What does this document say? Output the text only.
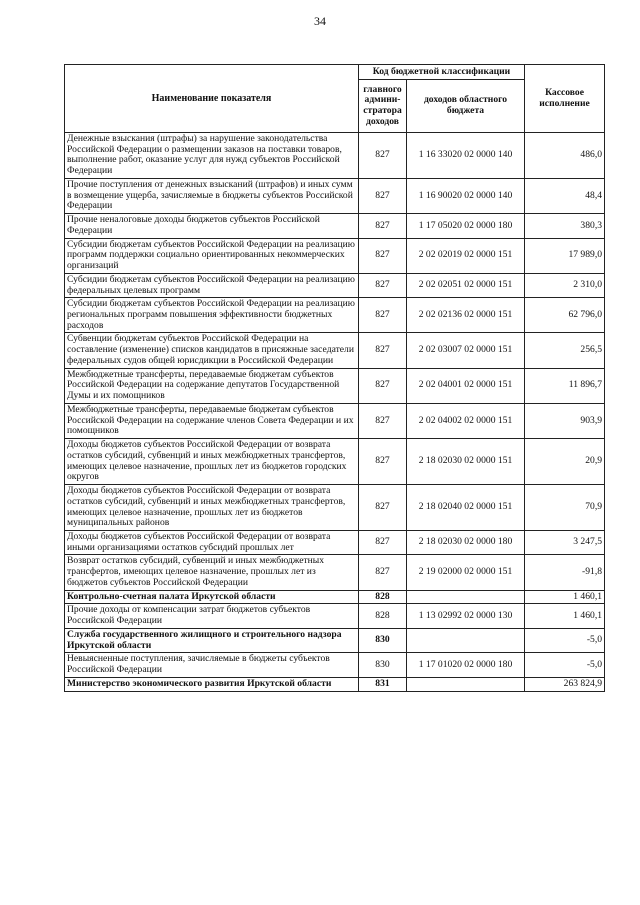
34
Наименование показателя	Код бюджетной классификации		Кассовое исполнение
	главного админи-стратора доходов	доходов областного бюджета	
Денежные взыскания (штрафы) за нарушение законодательства Российской Федерации о размещении заказов на поставки товаров, выполнение работ, оказание услуг для нужд субъектов Российской Федерации	827	1 16 33020 02 0000 140	486,0
Прочие поступления от денежных взысканий (штрафов) и иных сумм в возмещение ущерба, зачисляемые в бюджеты субъектов Российской Федерации	827	1 16 90020 02 0000 140	48,4
Прочие неналоговые доходы бюджетов субъектов Российской Федерации	827	1 17 05020 02 0000 180	380,3
Субсидии бюджетам субъектов Российской Федерации на реализацию программ поддержки социально ориентированных некоммерческих организаций	827	2 02 02019 02 0000 151	17 989,0
Субсидии бюджетам субъектов Российской Федерации на реализацию федеральных целевых программ	827	2 02 02051 02 0000 151	2 310,0
Субсидии бюджетам субъектов Российской Федерации на реализацию региональных программ повышения эффективности бюджетных расходов	827	2 02 02136 02 0000 151	62 796,0
Субвенции бюджетам субъектов Российской Федерации на составление (изменение) списков кандидатов в присяжные заседатели федеральных судов общей юрисдикции в Российской Федерации	827	2 02 03007 02 0000 151	256,5
Межбюджетные трансферты, передаваемые бюджетам субъектов Российской Федерации на содержание депутатов Государственной Думы и их помощников	827	2 02 04001 02 0000 151	11 896,7
Межбюджетные трансферты, передаваемые бюджетам субъектов Российской Федерации на содержание членов Совета Федерации и их помощников	827	2 02 04002 02 0000 151	903,9
Доходы бюджетов субъектов Российской Федерации от возврата остатков субсидий, субвенций и иных межбюджетных трансфертов, имеющих целевое назначение, прошлых лет из бюджетов городских округов	827	2 18 02030 02 0000 151	20,9
Доходы бюджетов субъектов Российской Федерации от возврата остатков субсидий, субвенций и иных межбюджетных трансфертов, имеющих целевое назначение, прошлых лет из бюджетов муниципальных районов	827	2 18 02040 02 0000 151	70,9
Доходы бюджетов субъектов Российской Федерации от возврата иными организациями остатков субсидий прошлых лет	827	2 18 02030 02 0000 180	3 247,5
Возврат остатков субсидий, субвенций и иных межбюджетных трансфертов, имеющих целевое назначение, прошлых лет из бюджетов субъектов Российской Федерации	827	2 19 02000 02 0000 151	-91,8
Контрольно-счетная палата Иркутской области	828		1 460,1
Прочие доходы от компенсации затрат бюджетов субъектов Российской Федерации	828	1 13 02992 02 0000 130	1 460,1
Служба государственного жилищного и строительного надзора Иркутской области	830		-5,0
Невыясненные поступления, зачисляемые в бюджеты субъектов Российской Федерации	830	1 17 01020 02 0000 180	-5,0
Министерство экономического развития Иркутской области	831		263 824,9
